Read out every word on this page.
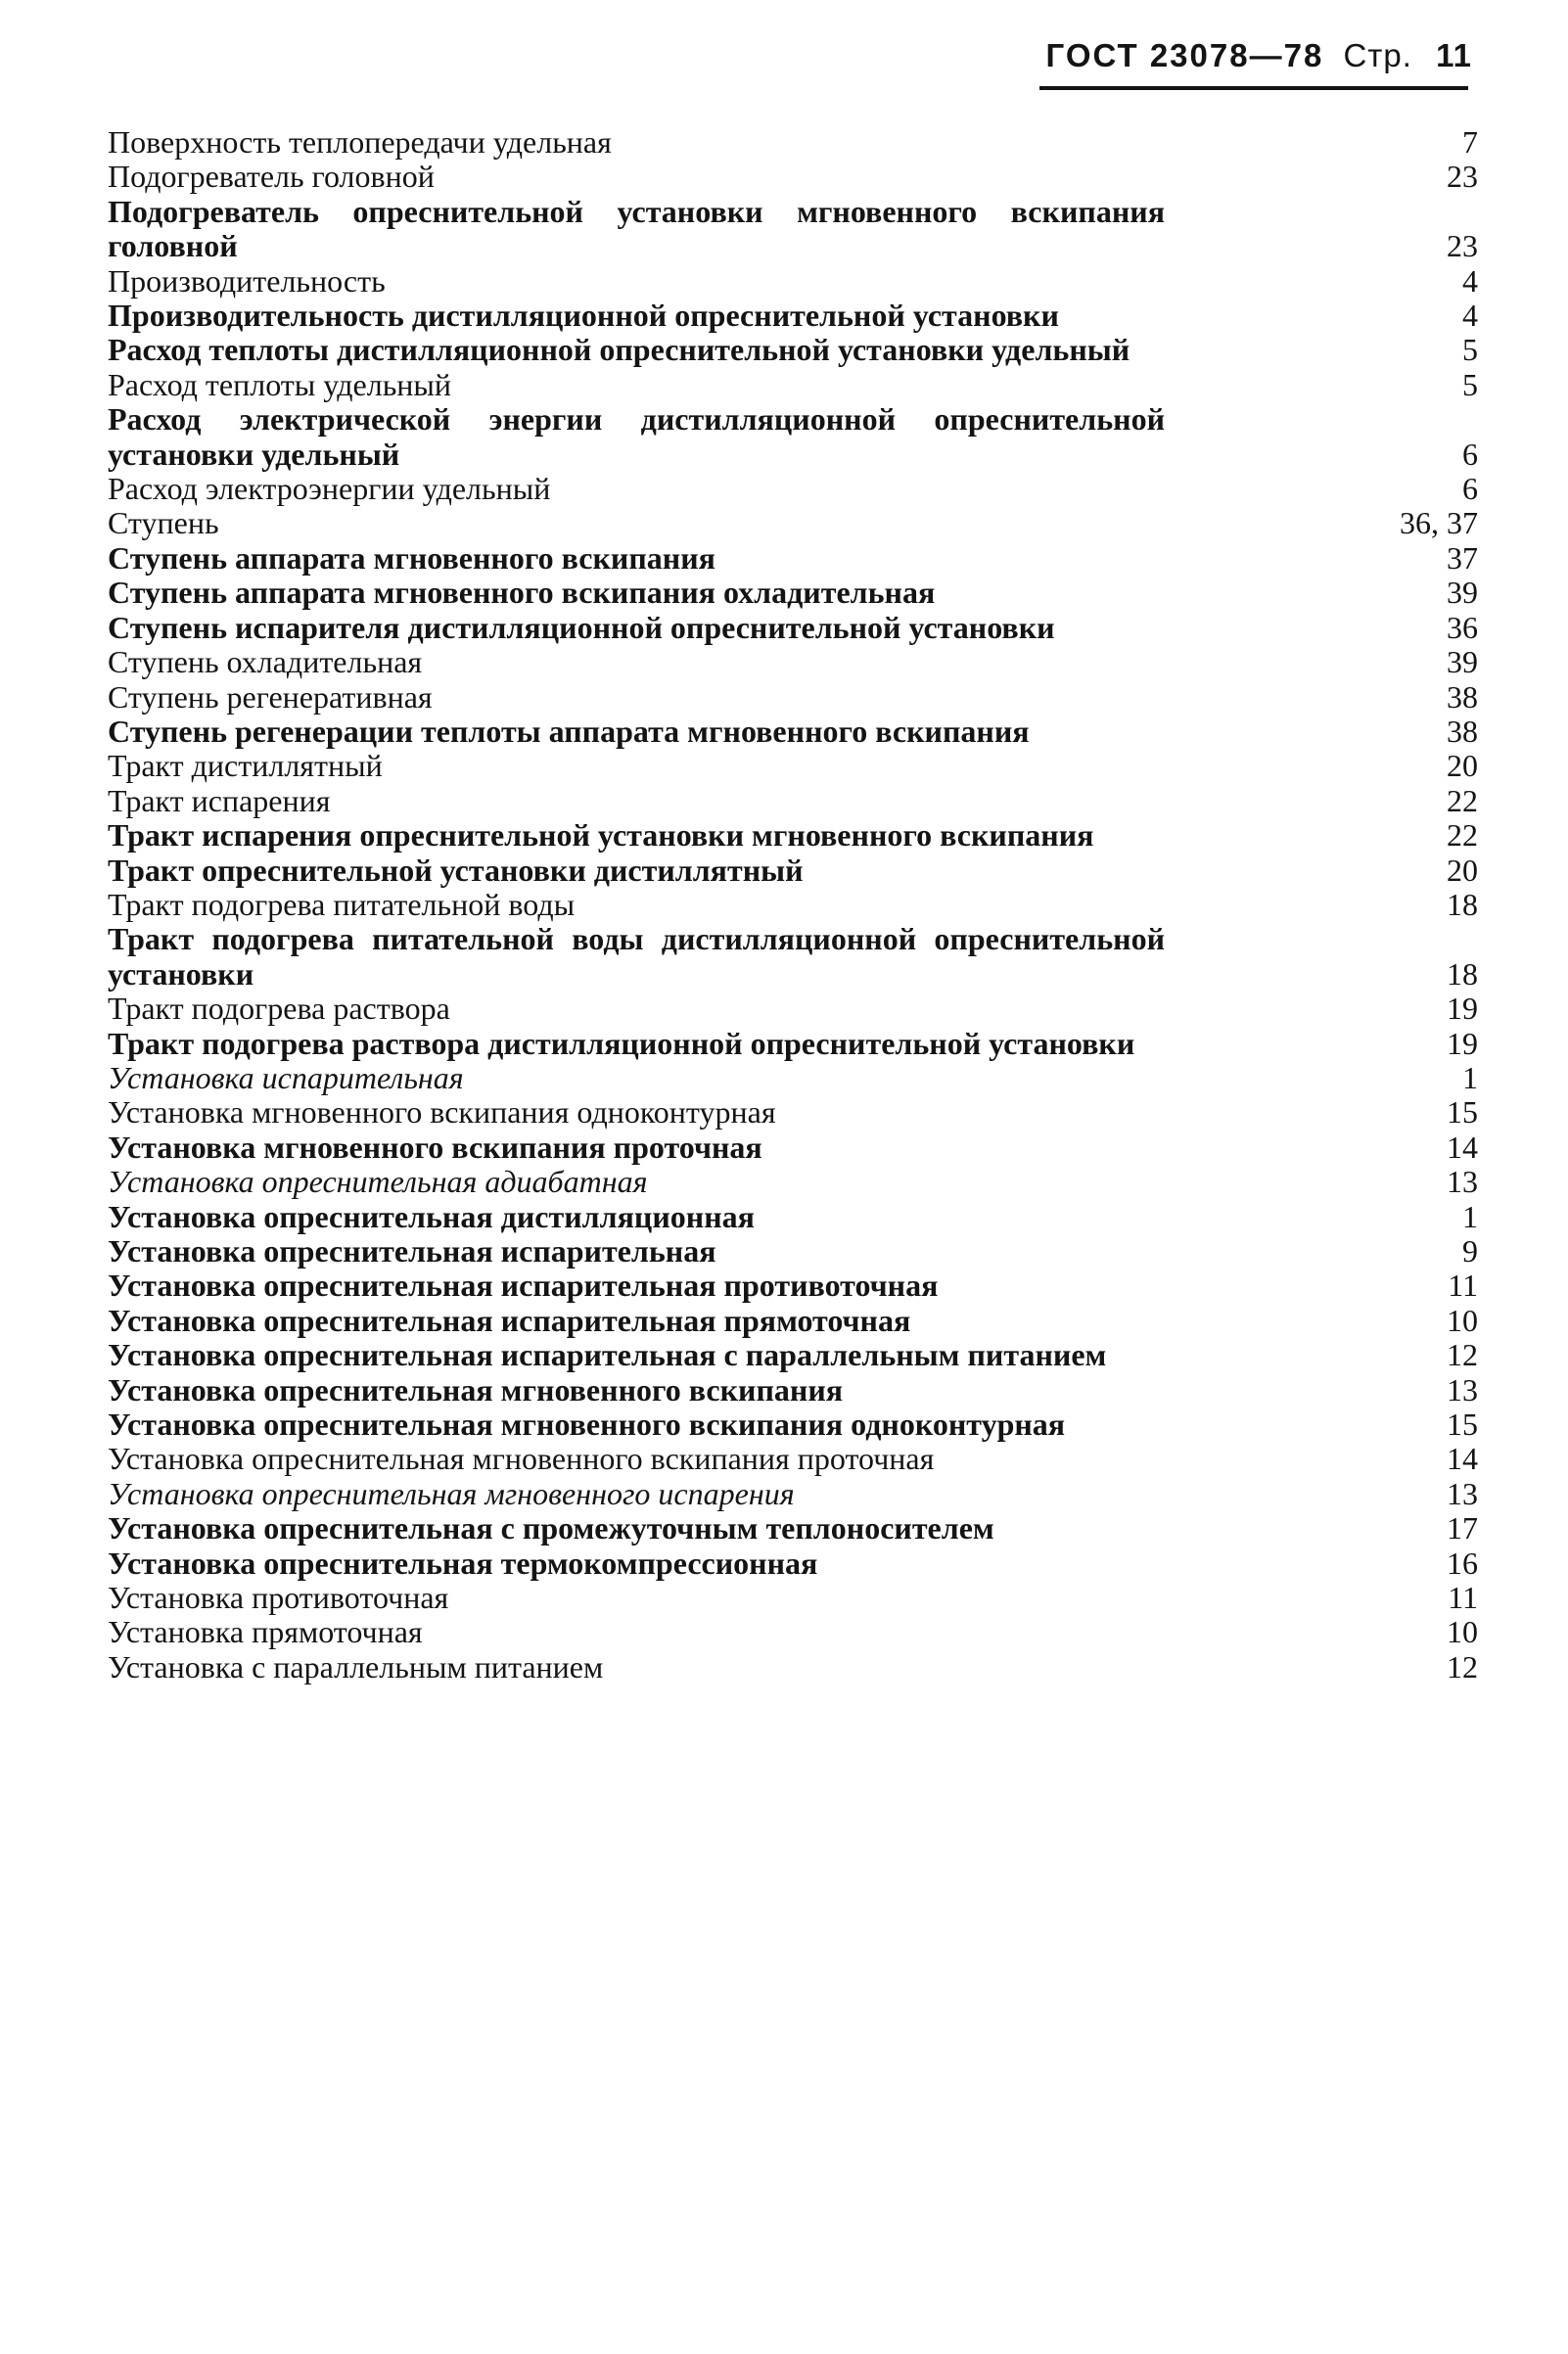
ГОСТ 23078—78 Стр. 11
Поверхность теплопередачи удельная	7
Подогреватель головной	23
Подогреватель опреснительной установки мгновенного вскипания головной	23
Производительность	4
Производительность дистилляционной опреснительной установки	4
Расход теплоты дистилляционной опреснительной установки удельный	5
Расход теплоты удельный	5
Расход электрической энергии дистилляционной опреснительной установки удельный	6
Расход электроэнергии удельный	6
Ступень	36, 37
Ступень аппарата мгновенного вскипания	37
Ступень аппарата мгновенного вскипания охладительная	39
Ступень испарителя дистилляционной опреснительной установки	36
Ступень охладительная	39
Ступень регенеративная	38
Ступень регенерации теплоты аппарата мгновенного вскипания	38
Тракт дистиллятный	20
Тракт испарения	22
Тракт испарения опреснительной установки мгновенного вскипания	22
Тракт опреснительной установки дистиллятный	20
Тракт подогрева питательной воды	18
Тракт подогрева питательной воды дистилляционной опреснительной установки	18
Тракт подогрева раствора	19
Тракт подогрева раствора дистилляционной опреснительной установки	19
Установка испарительная	1
Установка мгновенного вскипания одноконтурная	15
Установка мгновенного вскипания проточная	14
Установка опреснительная адиабатная	13
Установка опреснительная дистилляционная	1
Установка опреснительная испарительная	9
Установка опреснительная испарительная противоточная	11
Установка опреснительная испарительная прямоточная	10
Установка опреснительная испарительная с параллельным питанием	12
Установка опреснительная мгновенного вскипания	13
Установка опреснительная мгновенного вскипания одноконтурная	15
Установка опреснительная мгновенного вскипания проточная	14
Установка опреснительная мгновенного испарения	13
Установка опреснительная с промежуточным теплоносителем	17
Установка опреснительная термокомпрессионная	16
Установка противоточная	11
Установка прямоточная	10
Установка с параллельным питанием	12
